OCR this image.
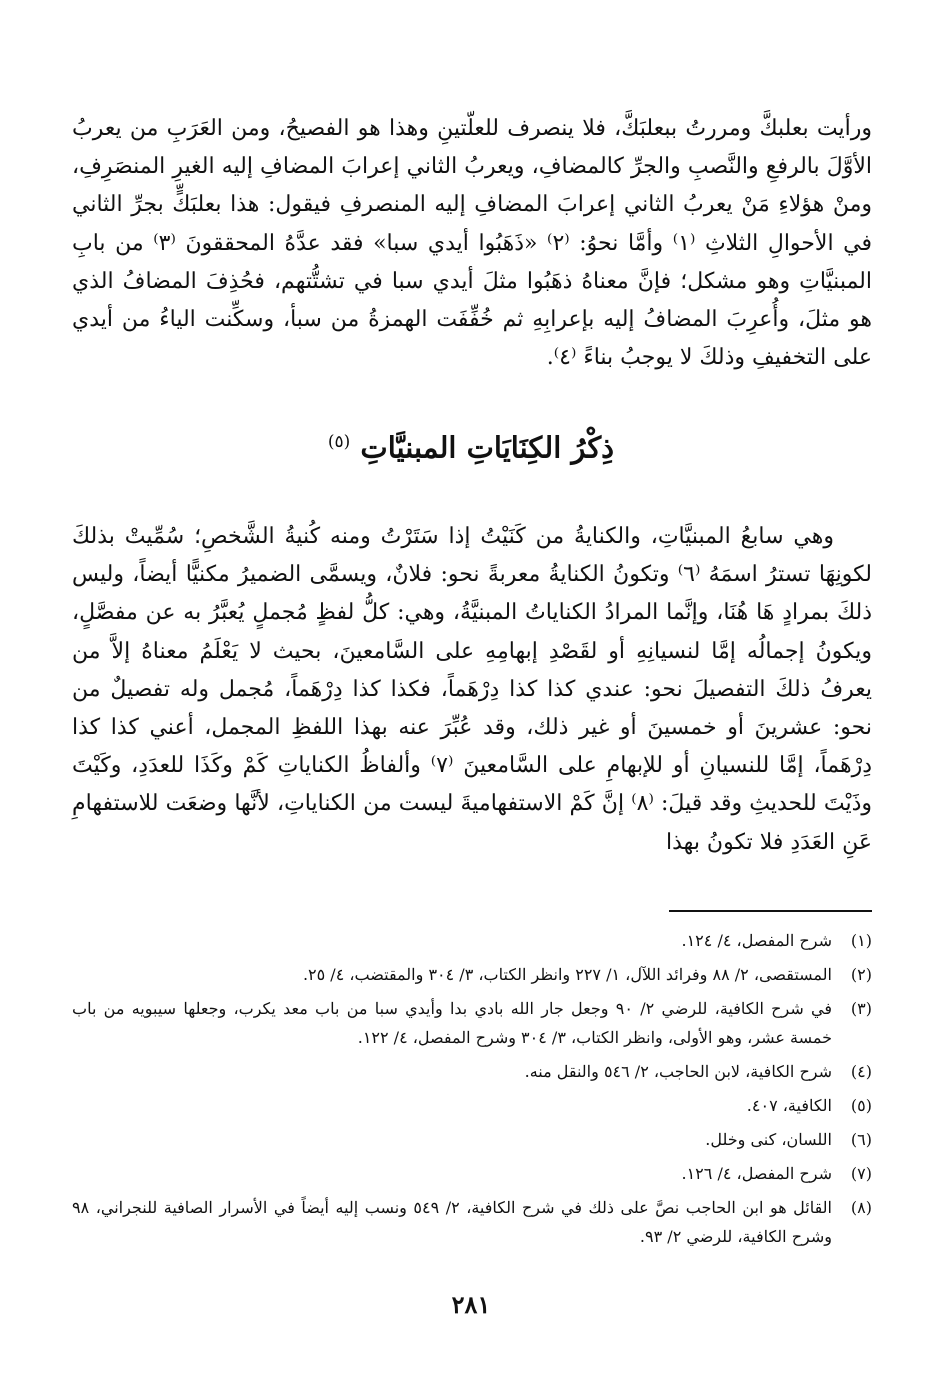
ورأيت بعلبكَّ ومررتُ ببعلبَكَّ، فلا ينصرف للعلّتينِ وهذا هو الفصيحُ، ومن العَرَبِ من يعربُ الأوَّلَ بالرفعِ والنَّصبِ والجرِّ كالمضافِ، ويعربُ الثاني إعرابَ المضافِ إليه الغيرِ المنصَرِفِ، ومنْ هؤلاءِ مَنْ يعربُ الثاني إعرابَ المضافِ إليه المنصرفِ فيقول: هذا بعلبَكٍّ بجرِّ الثاني في الأحوالِ الثلاثِ ⁽١⁾ وأمَّا نحوُ: ⁽٢⁾ «ذَهَبُوا أيدي سبا» فقد عدَّهُ المحققونَ ⁽٣⁾ من بابِ المبنيَّاتِ وهو مشكل؛ فإنَّ معناهُ ذهَبُوا مثلَ أيدي سبا في تشتُّتهم، فحُذِفَ المضافُ الذي هو مثلَ، وأُعرِبَ المضافُ إليه بإعرابِهِ ثم خُفِّفَت الهمزةُ من سبأ، وسكِّنت الياءُ من أيدي على التخفيفِ وذلكَ لا يوجبُ بناءً ⁽٤⁾.

ذِكْرُ الكِنَايَاتِ المبنيَّاتِ $^{(٥)}$

وهي سابعُ المبنيَّاتِ، والكنايةُ من كَنَيْتُ إذا سَتَرْتُ ومنه كُنيةُ الشَّخصِ؛ سُمِّيتْ بذلكَ لكونِهَا تسترُ اسمَهُ ⁽٦⁾ وتكونُ الكنايةُ معربةً نحو: فلانٌ، ويسمَّى الضميرُ مكنيًّا أيضاً، وليس ذلكَ بمرادٍ هَا هُنَا، وإنَّما المرادُ الكناياتُ المبنيَّةُ، وهي: كلُّ لفظٍ مُجملٍ يُعبَّرُ به عن مفصَّلٍ، ويكونُ إجمالُه إمَّا لنسيانِهِ أو لقَصْدِ إبهامِهِ على السَّامعينَ، بحيث لا يَعْلَمُ معناهُ إلاَّ من يعرفُ ذلكَ التفصيلَ نحو: عندي كذا كذا دِرْهَماً، فكذا كذا دِرْهَماً، مُجمل وله تفصيلٌ من نحو: عشرينَ أو خمسينَ أو غير ذلك، وقد عُبِّرَ عنه بهذا اللفظِ المجمل، أعني كذا كذا دِرْهَماً، إمَّا للنسيانِ أو للإبهامِ على السَّامعينَ ⁽٧⁾ وألفاظُ الكناياتِ كَمْ وكَذَا للعدَدِ، وكَيْتَ وذَيْتَ للحديثِ وقد قيلَ: ⁽٨⁾ إنَّ كَمْ الاستفهاميةَ ليست من الكناياتِ، لأنَّها وضعَت للاستفهامِ عَنِ العَدَدِ فلا تكونُ بهذا

(١)
شرح المفصل، ٤/ ١٢٤.
(٢)
المستقصى، ٢/ ٨٨ وفرائد اللآل، ١/ ٢٢٧ وانظر الكتاب، ٣/ ٣٠٤ والمقتضب، ٤/ ٢٥.
(٣)
في شرح الكافية، للرضي ٢/ ٩٠ وجعل جار الله بادي بدا وأيدي سبا من باب معد يكرب، وجعلها سيبويه من باب خمسة عشر، وهو الأولى، وانظر الكتاب، ٣/ ٣٠٤ وشرح المفصل، ٤/ ١٢٢.
(٤)
شرح الكافية، لابن الحاجب، ٢/ ٥٤٦ والنقل منه.
(٥)
الكافية، ٤٠٧.
(٦)
اللسان، كنى وخلل.
(٧)
شرح المفصل، ٤/ ١٢٦.
(٨)
القائل هو ابن الحاجب نصَّ على ذلك في شرح الكافية، ٢/ ٥٤٩ ونسب إليه أيضاً في الأسرار الصافية للنجراني، ٩٨ وشرح الكافية، للرضي ٢/ ٩٣.
٢٨١
